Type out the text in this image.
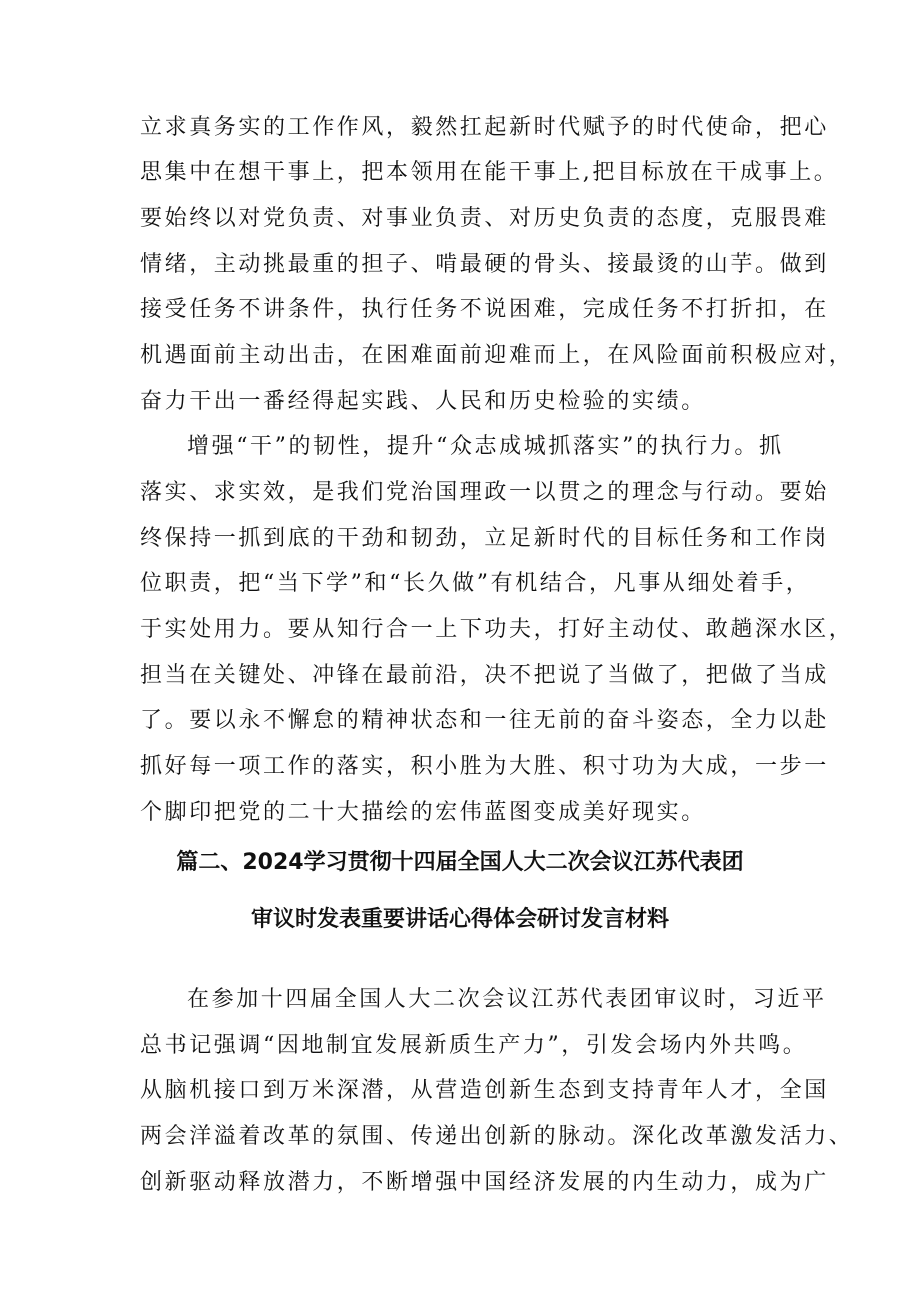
立求真务实的工作作风，毅然扛起新时代赋予的时代使命，把心
思集中在想干事上，把本领用在能干事上,把目标放在干成事上。
要始终以对党负责、对事业负责、对历史负责的态度，克服畏难
情绪，主动挑最重的担子、啃最硬的骨头、接最烫的山芋。做到
接受任务不讲条件，执行任务不说困难，完成任务不打折扣，在
机遇面前主动出击，在困难面前迎难而上，在风险面前积极应对，
奋力干出一番经得起实践、人民和历史检验的实绩。
增强“干”的韧性，提升“众志成城抓落实”的执行力。抓
落实、求实效，是我们党治国理政一以贯之的理念与行动。要始
终保持一抓到底的干劲和韧劲，立足新时代的目标任务和工作岗
位职责，把“当下学”和“长久做”有机结合，凡事从细处着手，
于实处用力。要从知行合一上下功夫，打好主动仗、敢趟深水区，
担当在关键处、冲锋在最前沿，决不把说了当做了，把做了当成
了。要以永不懈怠的精神状态和一往无前的奋斗姿态，全力以赴
抓好每一项工作的落实，积小胜为大胜、积寸功为大成，一步一
个脚印把党的二十大描绘的宏伟蓝图变成美好现实。
篇二、2024学习贯彻十四届全国人大二次会议江苏代表团
审议时发表重要讲话心得体会研讨发言材料
在参加十四届全国人大二次会议江苏代表团审议时，习近平
总书记强调“因地制宜发展新质生产力”，引发会场内外共鸣。
从脑机接口到万米深潜，从营造创新生态到支持青年人才，全国
两会洋溢着改革的氛围、传递出创新的脉动。深化改革激发活力、
创新驱动释放潜力，不断增强中国经济发展的内生动力，成为广
